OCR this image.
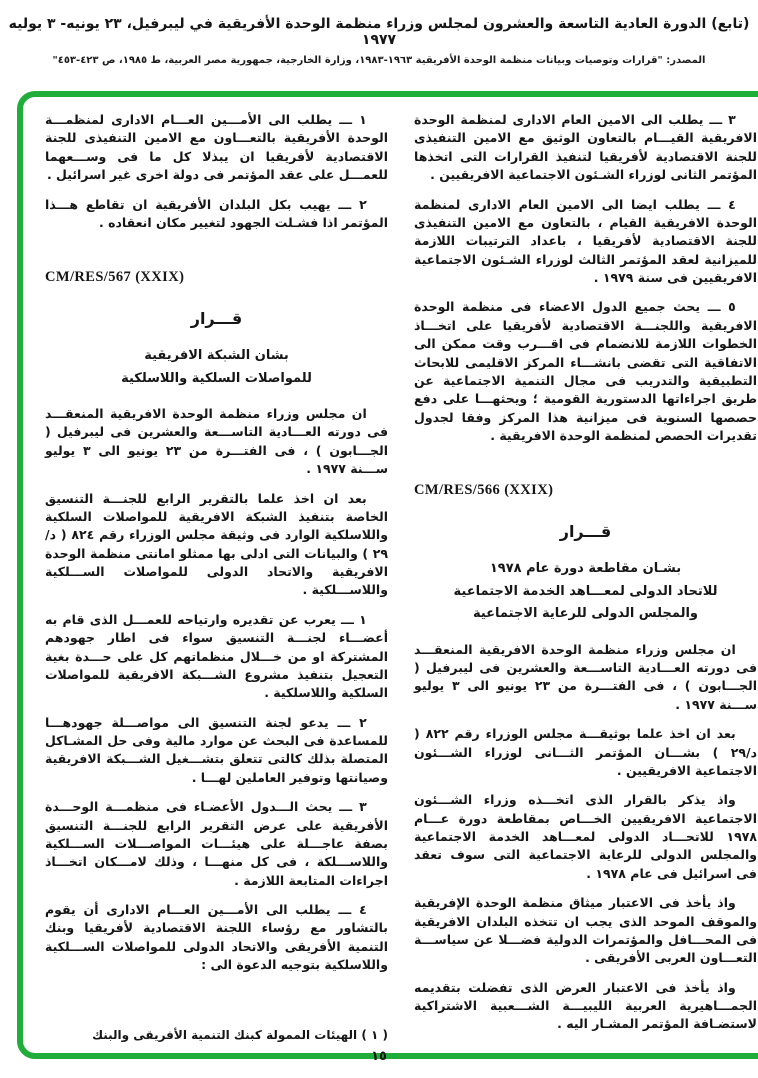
(تابع) الدورة العادية التاسعة والعشرون لمجلس وزراء منظمة الوحدة الأفريقية في ليبرفيل، ٢٣ يونيه- ٣ يوليه ١٩٧٧
المصدر: "قرارات وتوصيات وبيانات منظمة الوحدة الأفريقية ١٩٦٣-١٩٨٣، وزارة الخارجية، جمهورية مصر العربية، ط ١٩٨٥، ص ٤٢٣-٤٥٣"

٣ ـــ يطلب الى الامين العام الادارى لمنظمة الوحدة الافريقية القيـــام بالتعاون الوثيق مع الامين التنفيذى للجنة الاقتصادية لأفريقيا لتنفيذ القرارات التى اتخذها المؤتمر الثانى لوزراء الشـئون الاجتماعية الافريقيين .

٤ ـــ يطلب ايضا الى الامين العام الادارى لمنظمة الوحدة الافريقية القيام ، بالتعاون مع الامين التنفيذى للجنة الاقتصادية لأفريقيا ، باعداد الترتيبات اللازمة للميزانية لعقد المؤتمر الثالث لوزراء الشـئون الاجتماعية الافريقيين فى سنة ١٩٧٩ .

٥ ـــ يحث جميع الدول الاعضاء فى منظمة الوحدة الافريقية واللجنـــة الاقتصادية لأفريقيا على اتخـــاذ الخطوات اللازمة للانضمام فى اقـــرب وقت ممكن الى الاتفاقية التى تقضى بانشـــاء المركز الاقليمى للابحاث التطبيقية والتدريب فى مجال التنمية الاجتماعية عن طريق اجراءاتها الدستورية القومية ؛ ويحثهـــا على دفع حصصها السنوية فى ميزانية هذا المركز وفقا لجدول تقديرات الحصص لمنظمة الوحدة الافريقية .

CM/RES/566 (XXIX)
قـــرار
بشـان مقاطعة دورة عام ١٩٧٨
للاتحاد الدولى لمعـــاهد الخدمة الاجتماعية
والمجلس الدولى للرعاية الاجتماعية

ان مجلس وزراء منظمة الوحدة الافريقية المنعقـــد فى دورته العـــادية التاســـعة والعشرين فى ليبرفيل ( الجـــابون ) ، فى الفتـــرة من ٢٣ يونيو الى ٣ يوليو ســـنة ١٩٧٧ .

بعد ان اخذ علما بوثيقـــة مجلس الوزراء رقم ٨٢٢ ( د/٢٩ ) بشـــان المؤتمر الثـــانى لوزراء الشـــئون الاجتماعية الافريقيين .

واذ يذكر بالقرار الذى اتخـــذه وزراء الشـــئون الاجتماعية الافريقيين الخـــاص بمقاطعة دورة عـــام ١٩٧٨ للاتحـــاد الدولى لمعـــاهد الخدمة الاجتماعية والمجلس الدولى للرعاية الاجتماعية التى سوف تعقد فى اسرائيل فى عام ١٩٧٨ .

واذ يأخذ فى الاعتبار ميثاق منظمة الوحدة الإفريقية والموقف الموحد الذى يجب ان تتخذه البلدان الافريقية فى المحـــافل والمؤتمرات الدولية فضـــلا عن سياســـة التعـــاون العربى الأفريقى .

واذ يأخذ فى الاعتبار العرض الذى تفضلت بتقديمه الجمـــاهيرية العربية الليبيـــة الشـــعبية الاشتراكية لاستضـافة المؤتمر المشـار اليه .

١ ـــ يطلب الى الأمـــين العـــام الادارى لمنظمـــة الوحدة الأفريقية بالتعـــاون مع الامين التنفيذى للجنة الاقتصادية لأفريقيا ان يبذلا كل ما فى وســـعهما للعمـــل على عقد المؤتمر فى دولة اخرى غير اسرائيل .

٢ ـــ يهيب بكل البلدان الأفريقية ان تقاطع هـــذا المؤتمر اذا فشـلت الجهود لتغيير مكان انعقاده .

CM/RES/567 (XXIX)
قـــرار
بشان الشبكة الافريقية
للمواصلات السلكية واللاسلكية

ان مجلس وزراء منظمة الوحدة الافريقية المنعقـــد فى دورته العـــادية التاســـعة والعشرين فى ليبرفيل ( الجـــابون ) ، فى الفتـــرة من ٢٣ يونيو الى ٣ يوليو ســـنة ١٩٧٧ .

بعد ان اخذ علما بالتقرير الرابع للجنـــة التنسيق الخاصة بتنفيذ الشبكة الافريقية للمواصلات السلكية واللاسلكية الوارد فى وثيقة مجلس الوزراء رقم ٨٢٤ ( د/٢٩ ) والبيانات التى ادلى بها ممثلو امانتى منظمة الوحدة الافريقية والاتحاد الدولى للمواصلات الســـلكية واللاســـلكية .

١ ـــ يعرب عن تقديره وارتياحه للعمـــل الذى قام به أعضـــاء لجنـــة التنسيق سواء فى اطار جهودهم المشتركة او من خـــلال منظماتهم كل على حـــدة بغية التعجيل بتنفيذ مشروع الشـــبكة الافريقية للمواصلات السلكية واللاسلكية .

٢ ـــ يدعو لجنة التنسيق الى مواصـــلة جهودهـــا للمساعدة فى البحث عن موارد مالية وفى حل المشـاكل المتصلة بذلك كالتى تتعلق بتشـــغيل الشـــبكة الافريقية وصيانتها وتوفير العاملين لهـــا .

٣ ـــ يحث الـــدول الأعضـاء فى منظمـــة الوحـــدة الأفريقية على عرض التقرير الرابع للجنـــة التنسيق بصفة عاجـــلة على هيئـــات المواصـــلات الســـلكية واللاســـلكة ، فى كل منهـــا ، وذلك لامـــكان اتخـــاذ اجراءات المتابعة اللازمة .

٤ ـــ يطلب الى الأمـــين العـــام الادارى أن يقوم بالتشاور مع رؤساء اللجنة الاقتصادية لأفريقيا وبنك التنمية الأفريقى والاتحاد الدولى للمواصلات الســـلكية واللاسلكية بتوجيه الدعوة الى :

( ١ ) الهيئات الممولة كبنك التنمية الأفريقى والبنك
١٥
